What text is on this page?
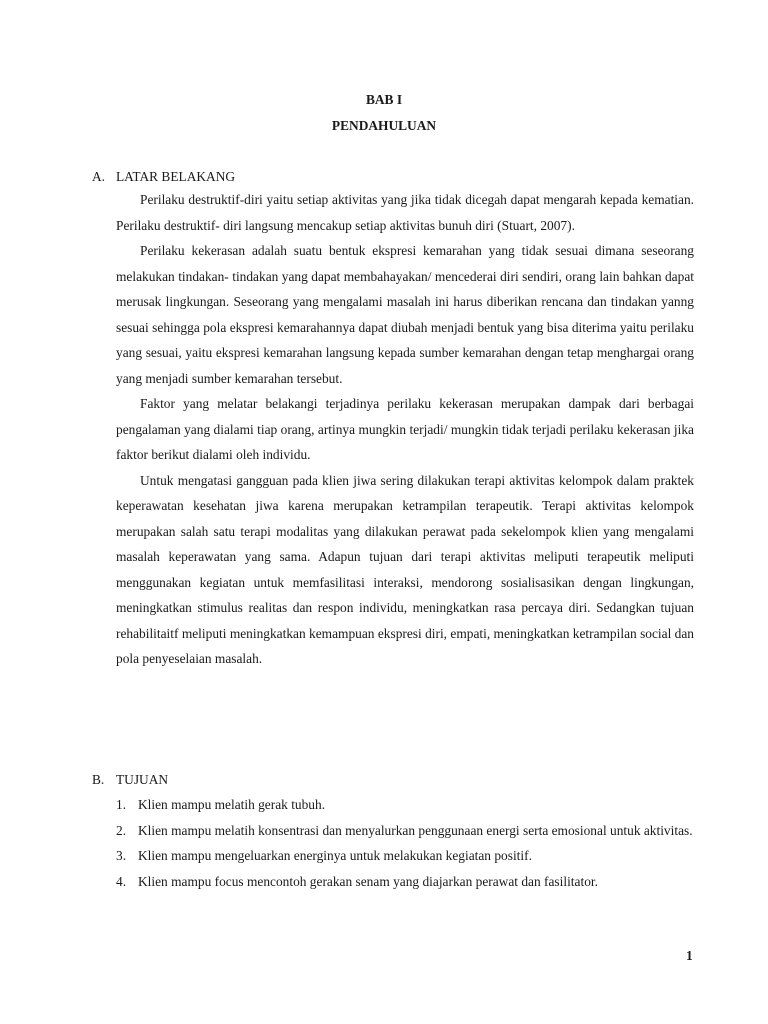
BAB I
PENDAHULUAN
A. LATAR BELAKANG

Perilaku destruktif-diri yaitu setiap aktivitas yang jika tidak dicegah dapat mengarah kepada kematian. Perilaku destruktif- diri langsung mencakup setiap aktivitas bunuh diri (Stuart, 2007).

Perilaku kekerasan adalah suatu bentuk ekspresi kemarahan yang tidak sesuai dimana seseorang melakukan tindakan- tindakan yang dapat membahayakan/ mencederai diri sendiri, orang lain bahkan dapat merusak lingkungan. Seseorang yang mengalami masalah ini harus diberikan rencana dan tindakan yanng sesuai sehingga pola ekspresi kemarahannya dapat diubah menjadi bentuk yang bisa diterima yaitu perilaku yang sesuai, yaitu ekspresi kemarahan langsung kepada sumber kemarahan dengan tetap menghargai orang yang menjadi sumber kemarahan tersebut.

Faktor yang melatar belakangi terjadinya perilaku kekerasan merupakan dampak dari berbagai pengalaman yang dialami tiap orang, artinya mungkin terjadi/ mungkin tidak terjadi perilaku kekerasan jika faktor berikut dialami oleh individu.

Untuk mengatasi gangguan pada klien jiwa sering dilakukan terapi aktivitas kelompok dalam praktek keperawatan kesehatan jiwa karena merupakan ketrampilan terapeutik. Terapi aktivitas kelompok merupakan salah satu terapi modalitas yang dilakukan perawat pada sekelompok klien yang mengalami masalah keperawatan yang sama. Adapun tujuan dari terapi aktivitas meliputi terapeutik meliputi menggunakan kegiatan untuk memfasilitasi interaksi, mendorong sosialisasikan dengan lingkungan, meningkatkan stimulus realitas dan respon individu, meningkatkan rasa percaya diri. Sedangkan tujuan rehabilitaitf meliputi meningkatkan kemampuan ekspresi diri, empati, meningkatkan ketrampilan social dan pola penyeselaian masalah.

B. TUJUAN
1. Klien mampu melatih gerak tubuh.
2. Klien mampu melatih konsentrasi dan menyalurkan penggunaan energi serta emosional untuk aktivitas.
3. Klien mampu mengeluarkan energinya untuk melakukan kegiatan positif.
4. Klien mampu focus mencontoh gerakan senam yang diajarkan perawat dan fasilitator.
1
